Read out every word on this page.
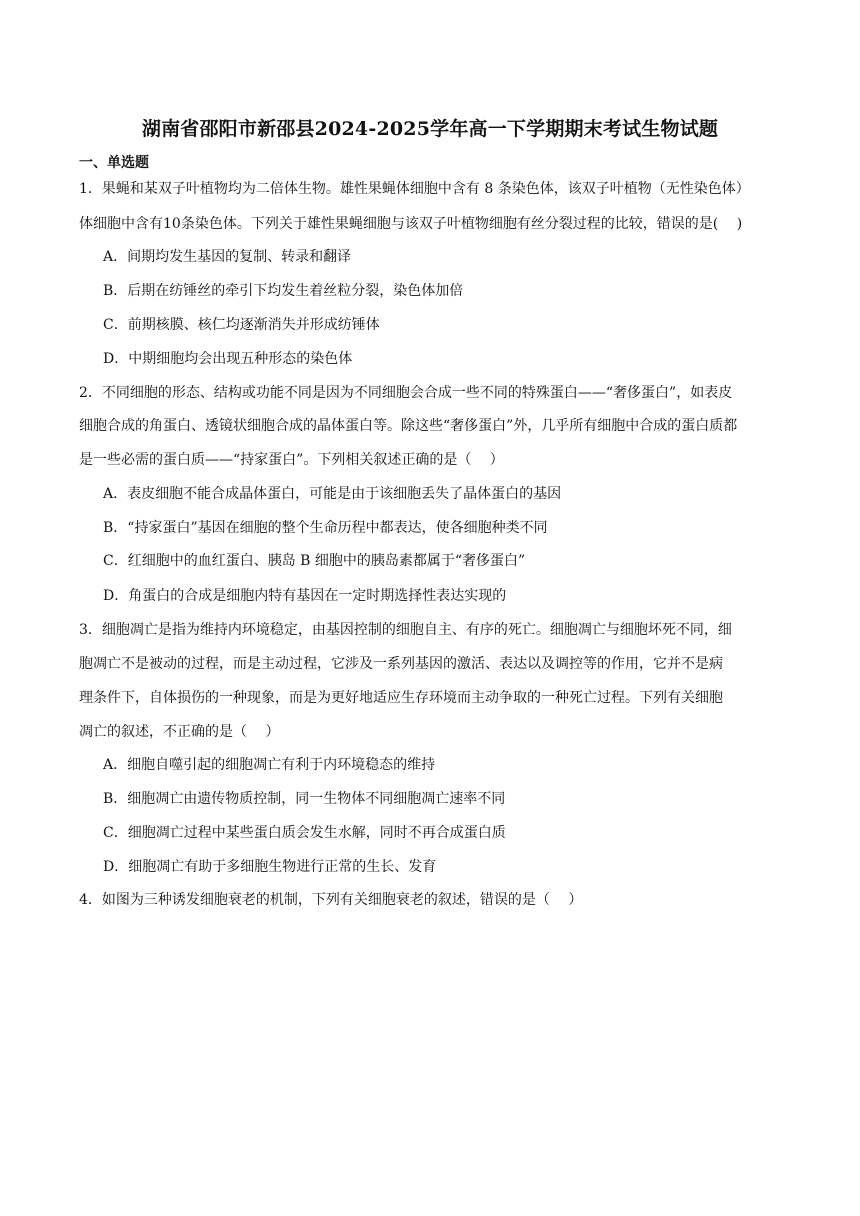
湖南省邵阳市新邵县2024-2025学年高一下学期期末考试生物试题
一、单选题
1．果蝇和某双子叶植物均为二倍体生物。雄性果蝇体细胞中含有 8 条染色体，该双子叶植物（无性染色体）
体细胞中含有10条染色体。下列关于雄性果蝇细胞与该双子叶植物细胞有丝分裂过程的比较，错误的是(　 )
A．间期均发生基因的复制、转录和翻译
B．后期在纺锤丝的牵引下均发生着丝粒分裂，染色体加倍
C．前期核膜、核仁均逐渐消失并形成纺锤体
D．中期细胞均会出现五种形态的染色体
2．不同细胞的形态、结构或功能不同是因为不同细胞会合成一些不同的特殊蛋白——“奢侈蛋白”，如表皮
细胞合成的角蛋白、透镜状细胞合成的晶体蛋白等。除这些“奢侈蛋白”外，几乎所有细胞中合成的蛋白质都
是一些必需的蛋白质——“持家蛋白”。下列相关叙述正确的是（　 ）
A．表皮细胞不能合成晶体蛋白，可能是由于该细胞丢失了晶体蛋白的基因
B．“持家蛋白”基因在细胞的整个生命历程中都表达，使各细胞种类不同
C．红细胞中的血红蛋白、胰岛 B 细胞中的胰岛素都属于“奢侈蛋白”
D．角蛋白的合成是细胞内特有基因在一定时期选择性表达实现的
3．细胞凋亡是指为维持内环境稳定，由基因控制的细胞自主、有序的死亡。细胞凋亡与细胞坏死不同，细
胞凋亡不是被动的过程，而是主动过程，它涉及一系列基因的激活、表达以及调控等的作用，它并不是病
理条件下，自体损伤的一种现象，而是为更好地适应生存环境而主动争取的一种死亡过程。下列有关细胞
凋亡的叙述，不正确的是（　 ）
A．细胞自噬引起的细胞凋亡有利于内环境稳态的维持
B．细胞凋亡由遗传物质控制，同一生物体不同细胞凋亡速率不同
C．细胞凋亡过程中某些蛋白质会发生水解，同时不再合成蛋白质
D．细胞凋亡有助于多细胞生物进行正常的生长、发育
4．如图为三种诱发细胞衰老的机制，下列有关细胞衰老的叙述，错误的是（　 ）
